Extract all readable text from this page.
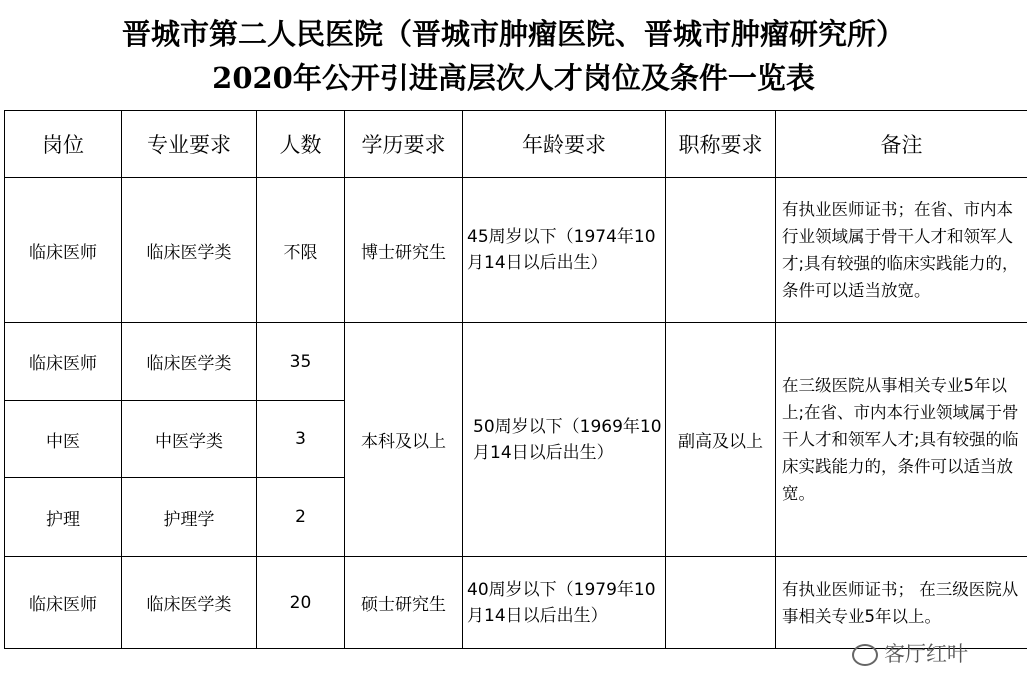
晋城市第二人民医院（晋城市肿瘤医院、晋城市肿瘤研究所）
2020年公开引进高层次人才岗位及条件一览表
岗位	专业要求	人数	学历要求	年龄要求	职称要求	备注
临床医师	临床医学类	不限	博士研究生	45周岁以下（1974年10月14日以后出生）		有执业医师证书；在省、市内本行业领域属于骨干人才和领军人才;具有较强的临床实践能力的，条件可以适当放宽。
临床医师	临床医学类	35	本科及以上	50周岁以下（1969年10月14日以后出生）	副高及以上	在三级医院从事相关专业5年以上;在省、市内本行业领域属于骨干人才和领军人才;具有较强的临床实践能力的，条件可以适当放宽。
中医	中医学类	3				
护理	护理学	2				
临床医师	临床医学类	20	硕士研究生	40周岁以下（1979年10月14日以后出生）		有执业医师证书； 在三级医院从事相关专业5年以上。
客厅红叶
